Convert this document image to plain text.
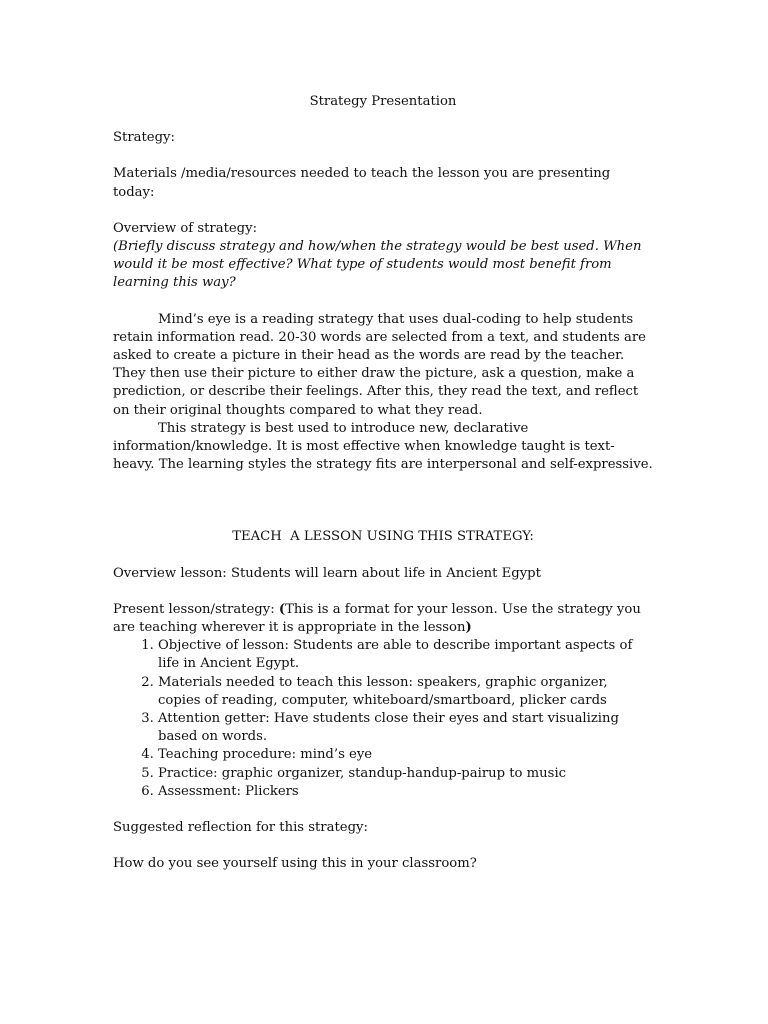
Strategy Presentation

Strategy:

Materials /media/resources needed to teach the lesson you are presenting today:

Overview of strategy:

(Briefly discuss strategy and how/when the strategy would be best used. When would it be most effective? What type of students would most benefit from learning this way?

Mind’s eye is a reading strategy that uses dual-coding to help students retain information read. 20-30 words are selected from a text, and students are asked to create a picture in their head as the words are read by the teacher. They then use their picture to either draw the picture, ask a question, make a prediction, or describe their feelings. After this, they read the text, and reflect on their original thoughts compared to what they read.

This strategy is best used to introduce new, declarative information/knowledge. It is most effective when knowledge taught is text-heavy. The learning styles the strategy fits are interpersonal and self-expressive.

TEACH  A LESSON USING THIS STRATEGY:

Overview lesson: Students will learn about life in Ancient Egypt

Present lesson/strategy: (This is a format for your lesson. Use the strategy you are teaching wherever it is appropriate in the lesson)

1. Objective of lesson: Students are able to describe important aspects of life in Ancient Egypt.
2. Materials needed to teach this lesson: speakers, graphic organizer, copies of reading, computer, whiteboard/smartboard, plicker cards
3. Attention getter: Have students close their eyes and start visualizing based on words.
4. Teaching procedure: mind’s eye
5. Practice: graphic organizer, standup-handup-pairup to music
6. Assessment: Plickers

Suggested reflection for this strategy:

How do you see yourself using this in your classroom?
